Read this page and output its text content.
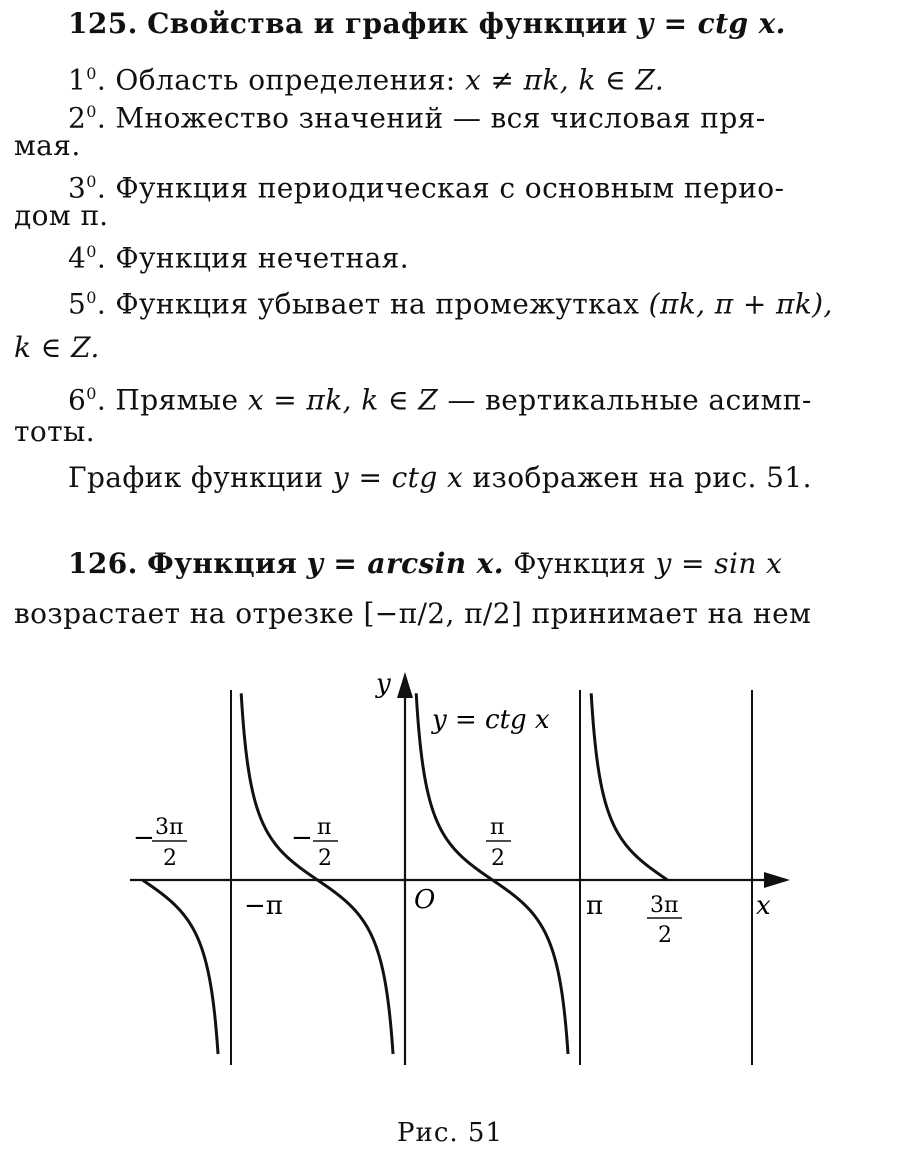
125. Свойства и график функции y = ctg x.
$1^0$. Область определения: x ≠ πk, k ∈ Z.
$2^0$. Множество значений — вся числовая пря-
мая.
$3^0$. Функция периодическая с основным перио-
дом π.
$4^0$. Функция нечетная.
$5^0$. Функция убывает на промежутках (πk, π + πk),
k ∈ Z.
$6^0$. Прямые x = πk, k ∈ Z — вертикальные асимп-
тоты.
График функции y = ctg x изображен на рис. 51.
126. Функция y = arcsin x. Функция y = sin x
возрастает на отрезке [−π/2, π/2] принимает на нем
y
x
O
y = ctg x
−π	π
− 3π
2
− π
2
π
2
3π
2
Рис. 51
